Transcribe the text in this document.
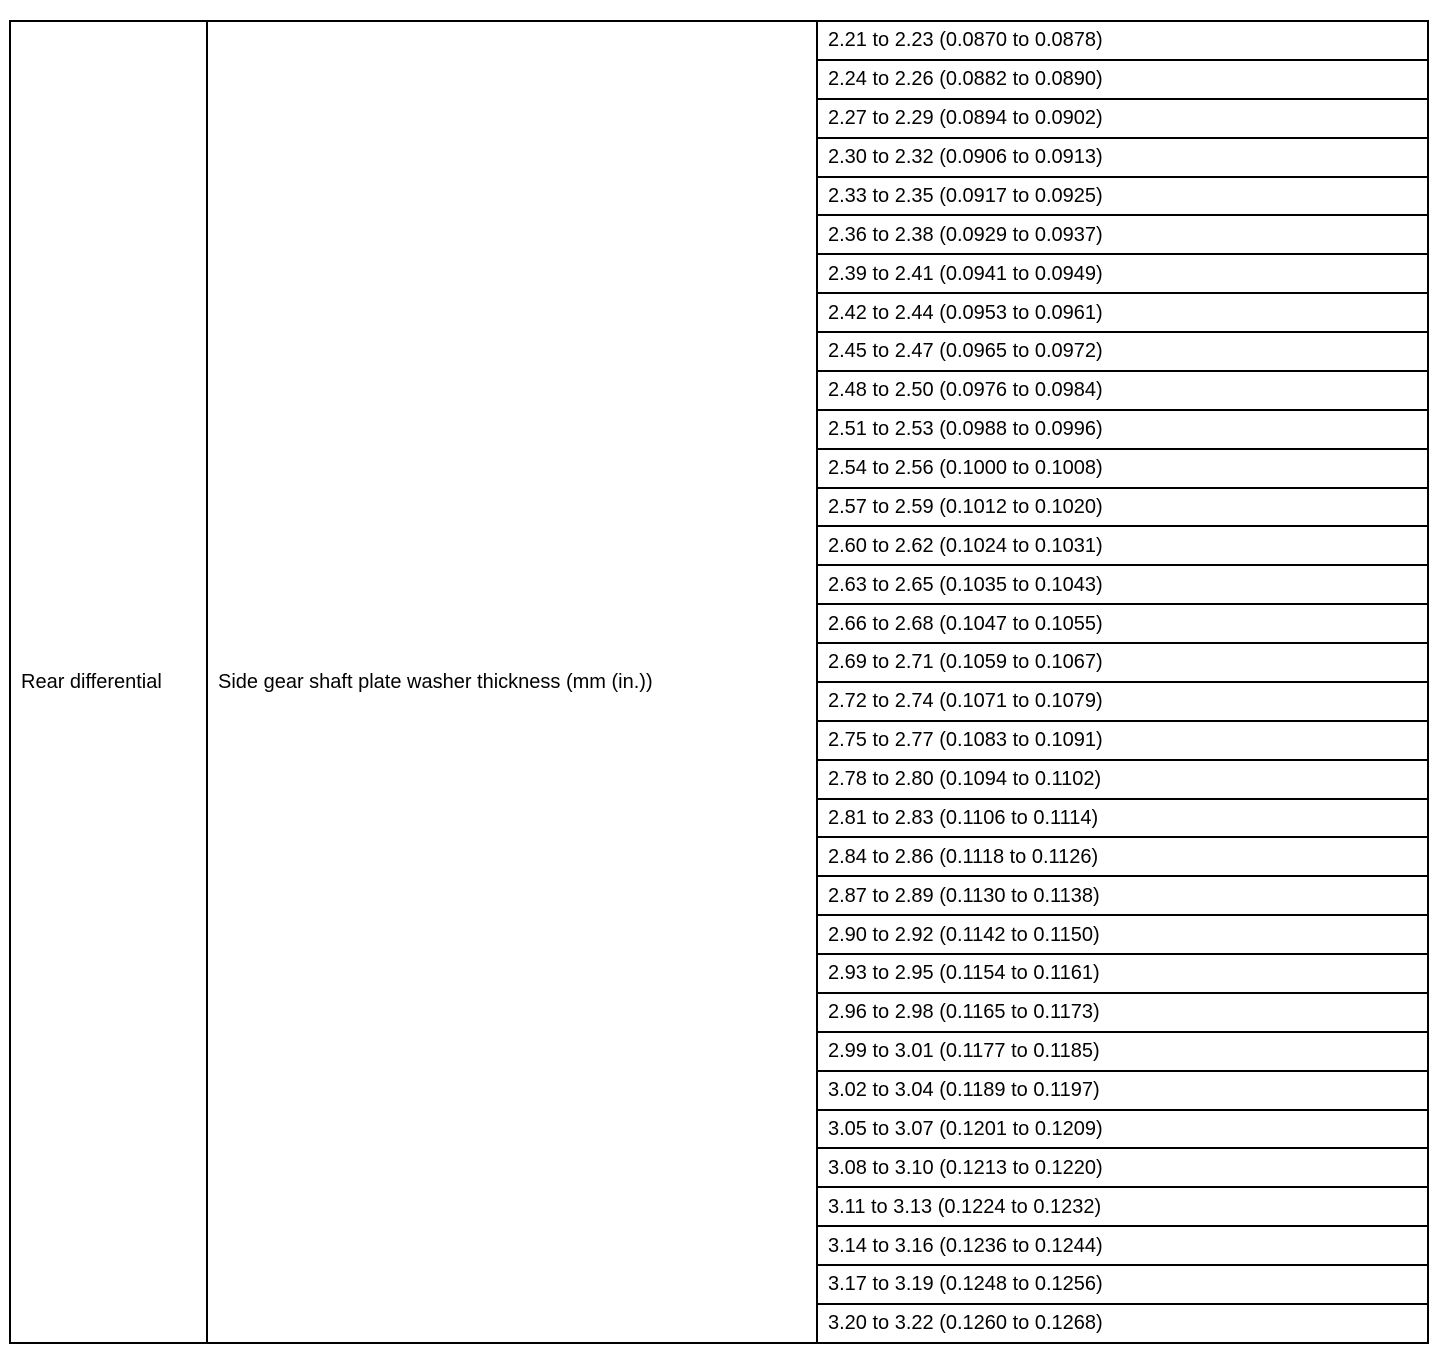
Rear differential	Side gear shaft plate washer thickness (mm (in.))	2.21 to 2.23 (0.0870 to 0.0878)
2.24 to 2.26 (0.0882 to 0.0890)
2.27 to 2.29 (0.0894 to 0.0902)
2.30 to 2.32 (0.0906 to 0.0913)
2.33 to 2.35 (0.0917 to 0.0925)
2.36 to 2.38 (0.0929 to 0.0937)
2.39 to 2.41 (0.0941 to 0.0949)
2.42 to 2.44 (0.0953 to 0.0961)
2.45 to 2.47 (0.0965 to 0.0972)
2.48 to 2.50 (0.0976 to 0.0984)
2.51 to 2.53 (0.0988 to 0.0996)
2.54 to 2.56 (0.1000 to 0.1008)
2.57 to 2.59 (0.1012 to 0.1020)
2.60 to 2.62 (0.1024 to 0.1031)
2.63 to 2.65 (0.1035 to 0.1043)
2.66 to 2.68 (0.1047 to 0.1055)
2.69 to 2.71 (0.1059 to 0.1067)
2.72 to 2.74 (0.1071 to 0.1079)
2.75 to 2.77 (0.1083 to 0.1091)
2.78 to 2.80 (0.1094 to 0.1102)
2.81 to 2.83 (0.1106 to 0.1114)
2.84 to 2.86 (0.1118 to 0.1126)
2.87 to 2.89 (0.1130 to 0.1138)
2.90 to 2.92 (0.1142 to 0.1150)
2.93 to 2.95 (0.1154 to 0.1161)
2.96 to 2.98 (0.1165 to 0.1173)
2.99 to 3.01 (0.1177 to 0.1185)
3.02 to 3.04 (0.1189 to 0.1197)
3.05 to 3.07 (0.1201 to 0.1209)
3.08 to 3.10 (0.1213 to 0.1220)
3.11 to 3.13 (0.1224 to 0.1232)
3.14 to 3.16 (0.1236 to 0.1244)
3.17 to 3.19 (0.1248 to 0.1256)
3.20 to 3.22 (0.1260 to 0.1268)
